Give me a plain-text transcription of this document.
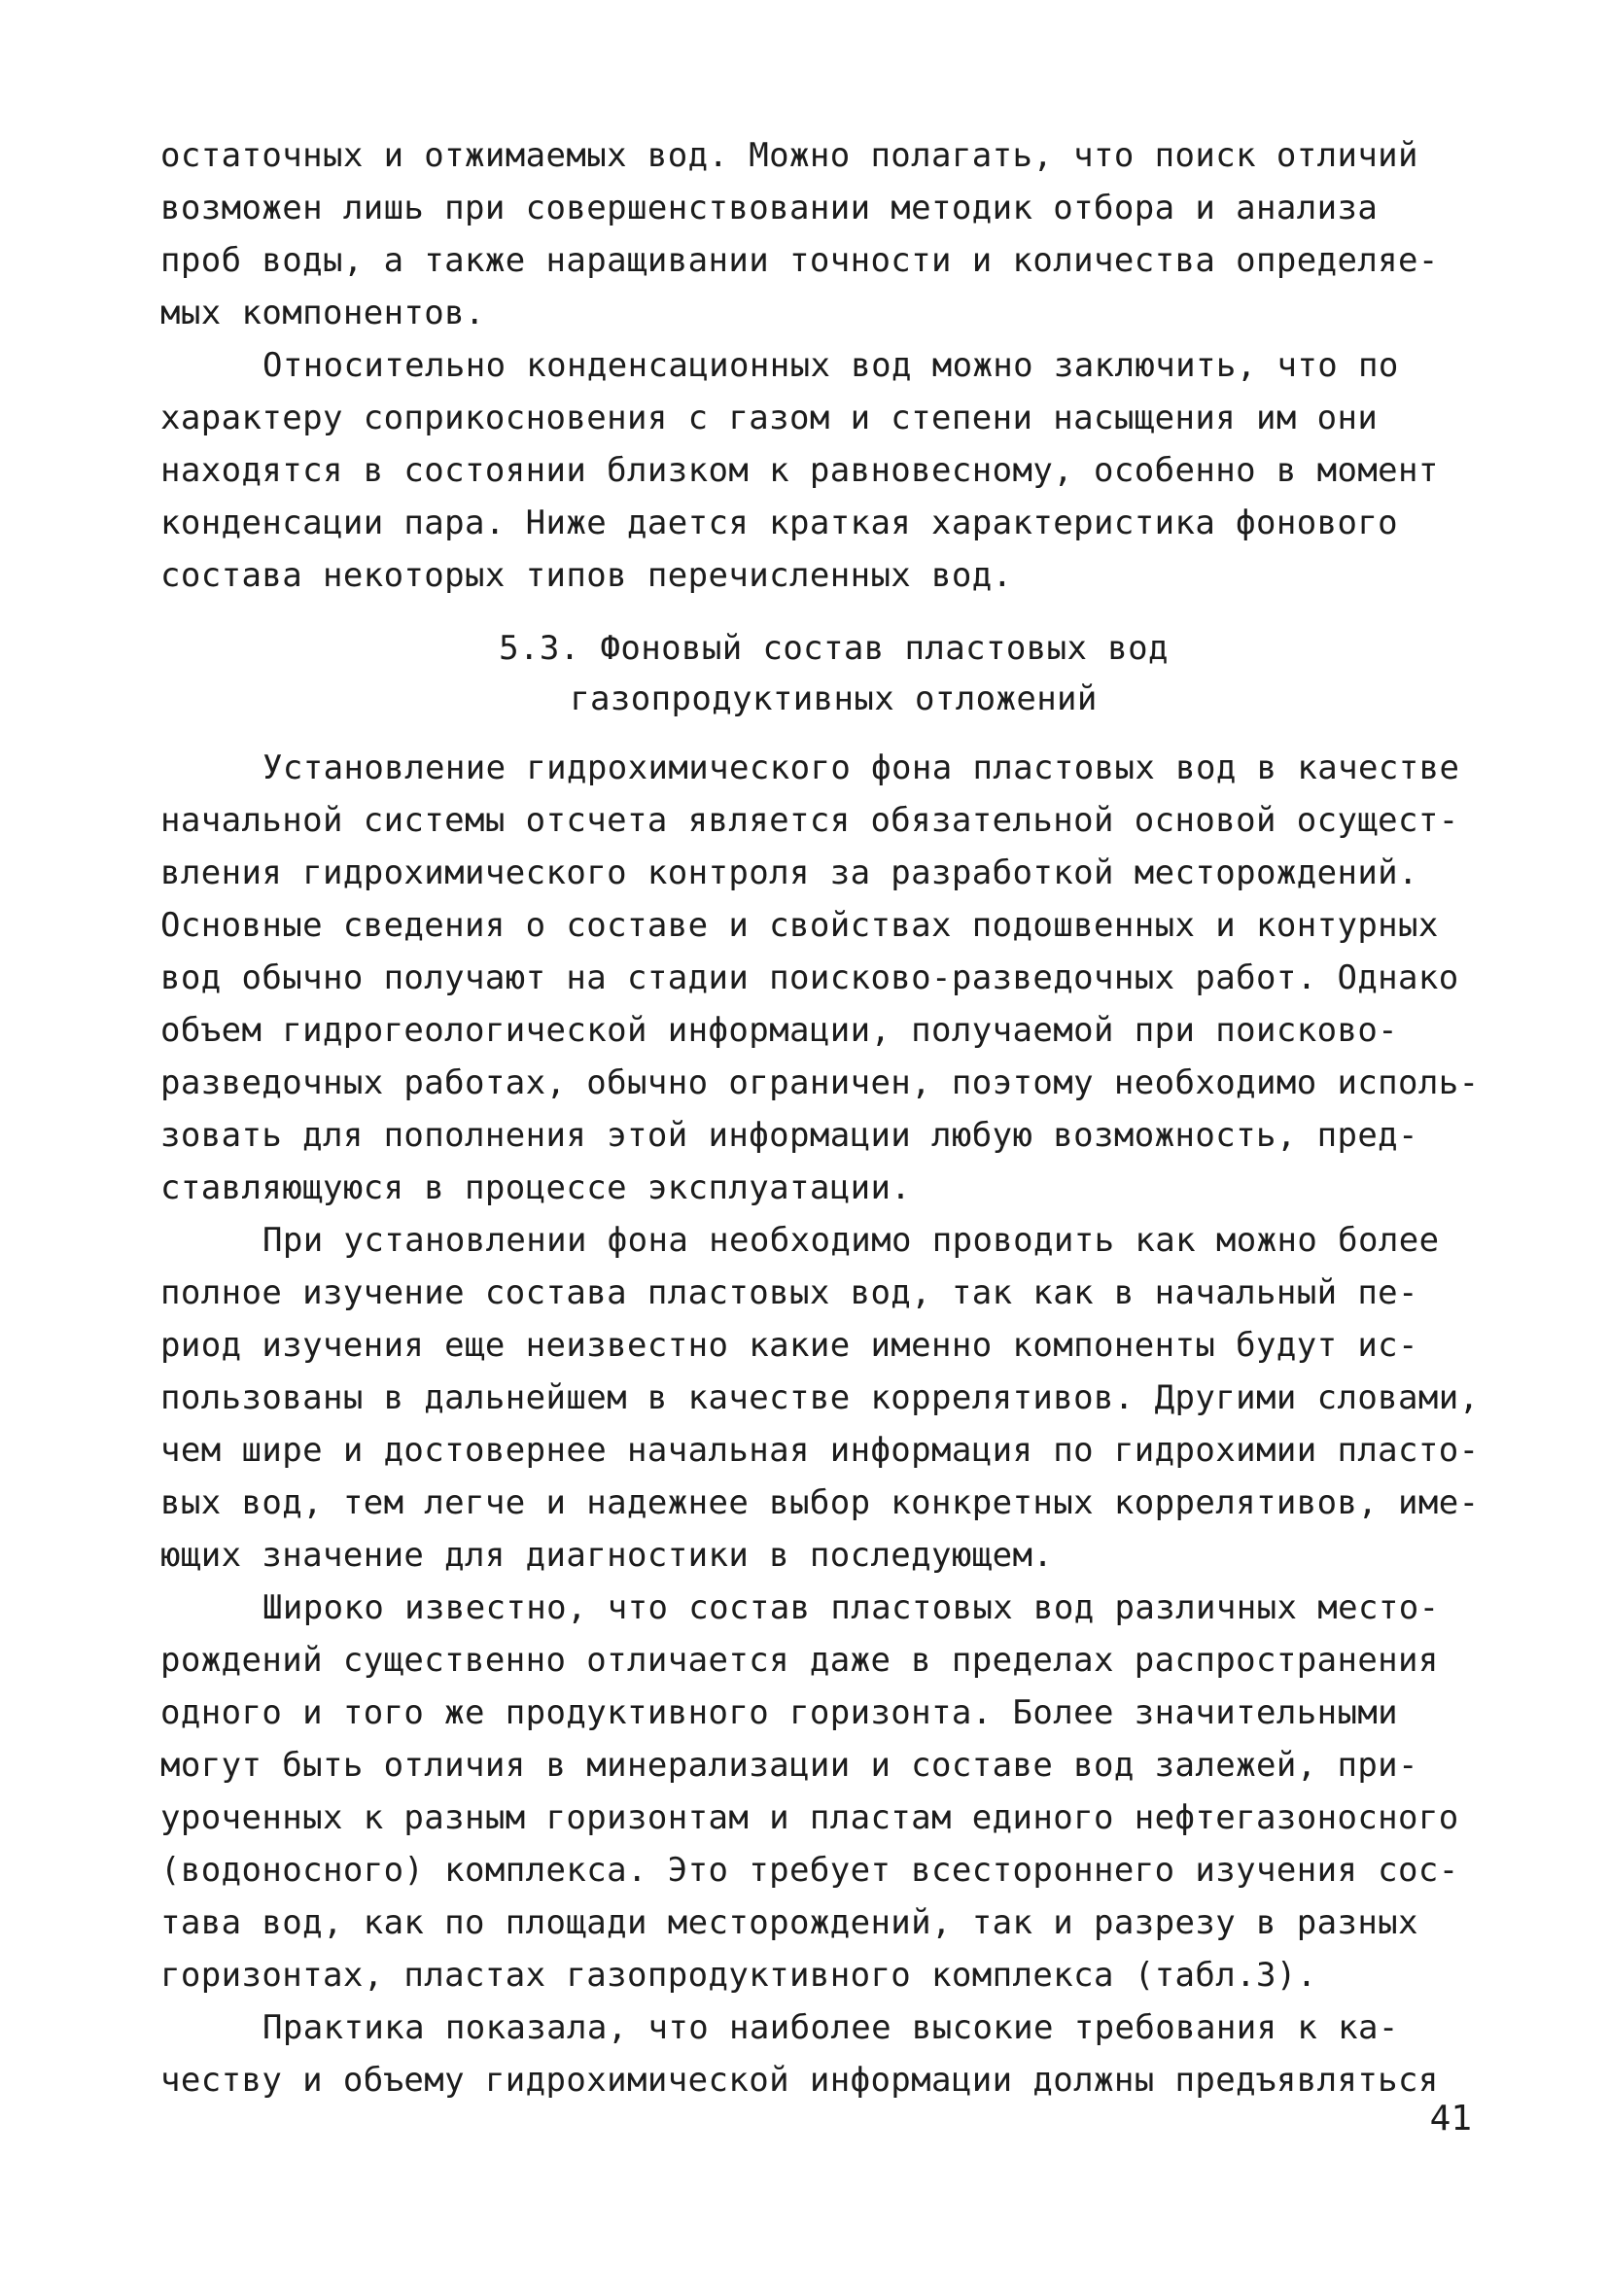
остаточных и отжимаемых вод. Можно полагать, что поиск отличий
возможен лишь при совершенствовании методик отбора и анализа
проб воды, а также наращивании точности и количества определяе-
мых компонентов.
Относительно конденсационных вод можно заключить, что по
характеру соприкосновения с газом и степени насыщения им они
находятся в состоянии близком к равновесному, особенно в момент
конденсации пара. Ниже дается краткая характеристика фонового
состава некоторых типов перечисленных вод.
5.3. Фоновый состав пластовых вод
газопродуктивных отложений
Установление гидрохимического фона пластовых вод в качестве
начальной системы отсчета является обязательной основой осущест-
вления гидрохимического контроля за разработкой месторождений.
Основные сведения о составе и свойствах подошвенных и контурных
вод обычно получают на стадии поисково-разведочных работ. Однако
объем гидрогеологической информации, получаемой при поисково-
разведочных работах, обычно ограничен, поэтому необходимо исполь-
зовать для пополнения этой информации любую возможность, пред-
ставляющуюся в процессе эксплуатации.
При установлении фона необходимо проводить как можно более
полное изучение состава пластовых вод, так как в начальный пе-
риод изучения еще неизвестно какие именно компоненты будут ис-
пользованы в дальнейшем в качестве коррелятивов. Другими словами,
чем шире и достовернее начальная информация по гидрохимии пласто-
вых вод, тем легче и надежнее выбор конкретных коррелятивов, име-
ющих значение для диагностики в последующем.
Широко известно, что состав пластовых вод различных место-
рождений существенно отличается даже в пределах распространения
одного и того же продуктивного горизонта. Более значительными
могут быть отличия в минерализации и составе вод залежей, при-
уроченных к разным горизонтам и пластам единого нефтегазоносного
(водоносного) комплекса. Это требует всестороннего изучения сос-
тава вод, как по площади месторождений, так и разрезу в разных
горизонтах, пластах газопродуктивного комплекса (табл.3).
Практика показала, что наиболее высокие требования к ка-
честву и объему гидрохимической информации должны предъявляться
41
